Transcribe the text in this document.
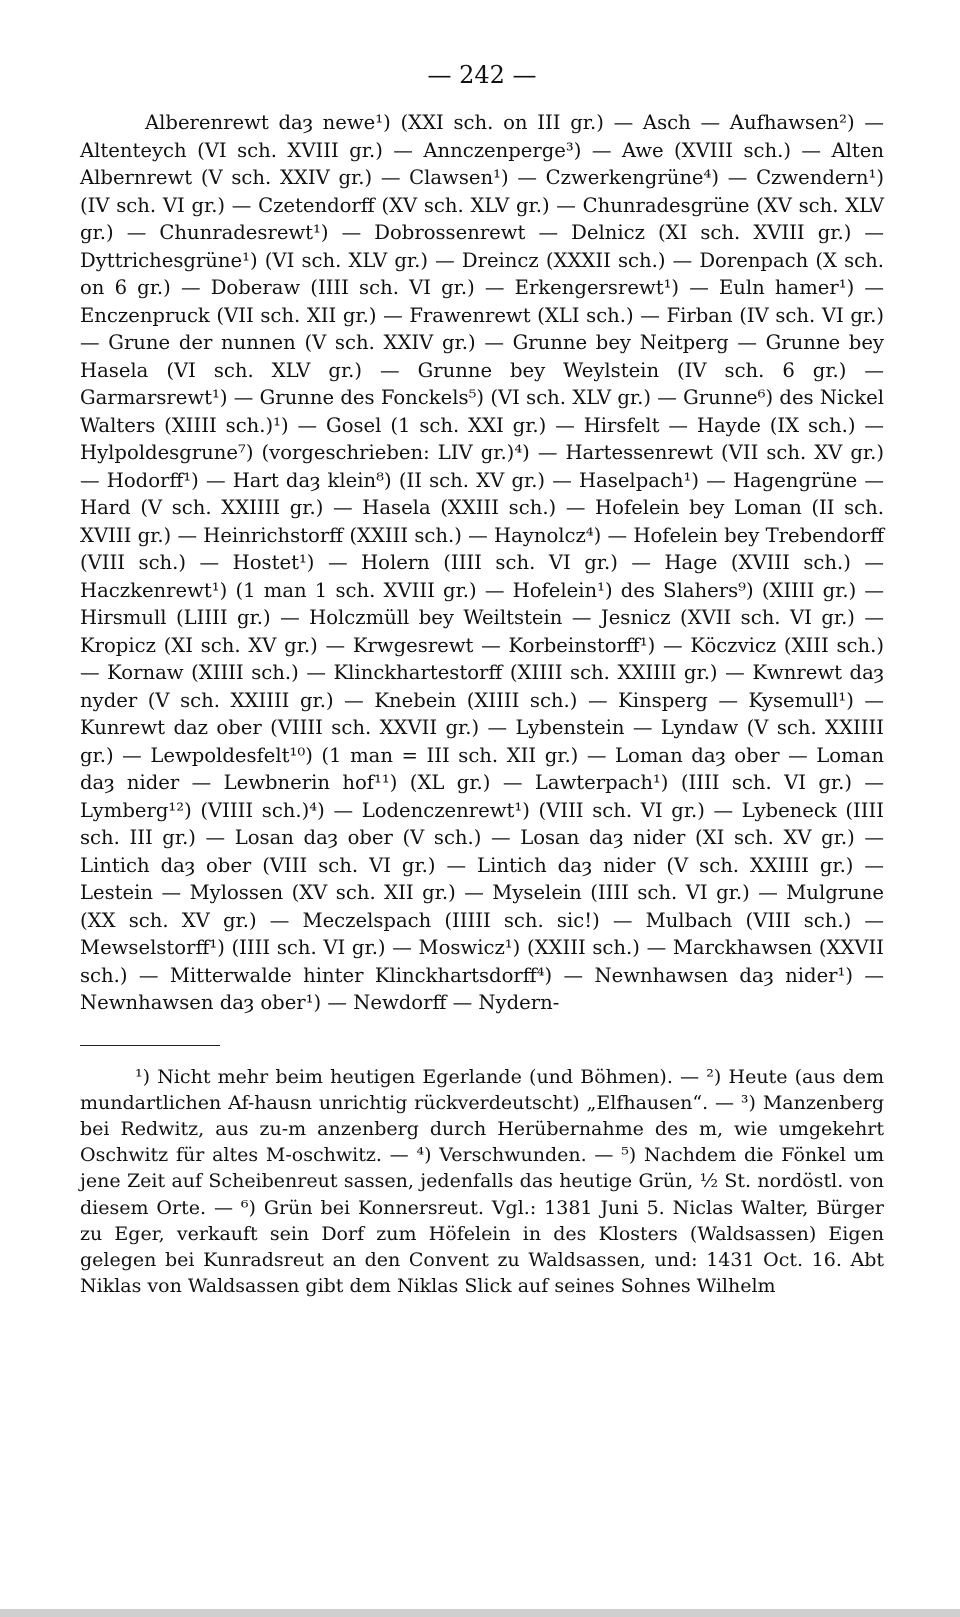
— 242 —

Alberenrewt daȝ newe¹) (XXI sch. on III gr.) — Asch — Aufhawsen²) — Altenteych (VI sch. XVIII gr.) — Annczenperge³) — Awe (XVIII sch.) — Alten Albernrewt (V sch. XXIV gr.) — Clawsen¹) — Czwerkengrüne⁴) — Czwendern¹) (IV sch. VI gr.) — Czetendorff (XV sch. XLV gr.) — Chunradesgrüne (XV sch. XLV gr.) — Chunradesrewt¹) — Dobrossenrewt — Delnicz (XI sch. XVIII gr.) — Dyttrichesgrüne¹) (VI sch. XLV gr.) — Dreincz (XXXII sch.) — Dorenpach (X sch. on 6 gr.) — Doberaw (IIII sch. VI gr.) — Erkengersrewt¹) — Euln hamer¹) — Enczenpruck (VII sch. XII gr.) — Frawenrewt (XLI sch.) — Firban (IV sch. VI gr.) — Grune der nunnen (V sch. XXIV gr.) — Grunne bey Neitperg — Grunne bey Hasela (VI sch. XLV gr.) — Grunne bey Weylstein (IV sch. 6 gr.) — Garmarsrewt¹) — Grunne des Fonckels⁵) (VI sch. XLV gr.) — Grunne⁶) des Nickel Walters (XIIII sch.)¹) — Gosel (1 sch. XXI gr.) — Hirsfelt — Hayde (IX sch.) — Hylpoldesgrune⁷) (vorgeschrieben: LIV gr.)⁴) — Hartessenrewt (VII sch. XV gr.) — Hodorff¹) — Hart daȝ klein⁸) (II sch. XV gr.) — Haselpach¹) — Hagengrüne — Hard (V sch. XXIIII gr.) — Hasela (XXIII sch.) — Hofelein bey Loman (II sch. XVIII gr.) — Heinrichstorff (XXIII sch.) — Haynolcz⁴) — Hofelein bey Trebendorff (VIII sch.) — Hostet¹) — Holern (IIII sch. VI gr.) — Hage (XVIII sch.) — Haczkenrewt¹) (1 man 1 sch. XVIII gr.) — Hofelein¹) des Slahers⁹) (XIIII gr.) — Hirsmull (LIIII gr.) — Holczmüll bey Weiltstein — Jesnicz (XVII sch. VI gr.) — Kropicz (XI sch. XV gr.) — Krwgesrewt — Korbeinstorff¹) — Köczvicz (XIII sch.) — Kornaw (XIIII sch.) — Klinckhartestorff (XIIII sch. XXIIII gr.) — Kwnrewt daȝ nyder (V sch. XXIIII gr.) — Knebein (XIIII sch.) — Kinsperg — Kysemull¹) — Kunrewt daz ober (VIIII sch. XXVII gr.) — Lybenstein — Lyndaw (V sch. XXIIII gr.) — Lewpoldesfelt¹⁰) (1 man = III sch. XII gr.) — Loman daȝ ober — Loman daȝ nider — Lewbnerin hof¹¹) (XL gr.) — Lawterpach¹) (IIII sch. VI gr.) — Lymberg¹²) (VIIII sch.)⁴) — Lodenczenrewt¹) (VIII sch. VI gr.) — Lybeneck (IIII sch. III gr.) — Losan daȝ ober (V sch.) — Losan daȝ nider (XI sch. XV gr.) — Lintich daȝ ober (VIII sch. VI gr.) — Lintich daȝ nider (V sch. XXIIII gr.) — Lestein — Mylossen (XV sch. XII gr.) — Myselein (IIII sch. VI gr.) — Mulgrune (XX sch. XV gr.) — Meczelspach (IIIII sch. sic!) — Mulbach (VIII sch.) — Mewselstorff¹) (IIII sch. VI gr.) — Moswicz¹) (XXIII sch.) — Marckhawsen (XXVII sch.) — Mitterwalde hinter Klinckhartsdorff⁴) — Newnhawsen daȝ nider¹) — Newnhawsen daȝ ober¹) — Newdorff — Nydern-

¹) Nicht mehr beim heutigen Egerlande (und Böhmen). — ²) Heute (aus dem mundartlichen Af-hausn unrichtig rückverdeutscht) „Elfhausen“. — ³) Manzenberg bei Redwitz, aus zu-m anzenberg durch Herübernahme des m, wie umgekehrt Oschwitz für altes M-oschwitz. — ⁴) Verschwunden. — ⁵) Nachdem die Fönkel um jene Zeit auf Scheibenreut sassen, jedenfalls das heutige Grün, ½ St. nordöstl. von diesem Orte. — ⁶) Grün bei Konnersreut. Vgl.: 1381 Juni 5. Niclas Walter, Bürger zu Eger, verkauft sein Dorf zum Höfelein in des Klosters (Waldsassen) Eigen gelegen bei Kunradsreut an den Convent zu Waldsassen, und: 1431 Oct. 16. Abt Niklas von Waldsassen gibt dem Niklas Slick auf seines Sohnes Wilhelm
